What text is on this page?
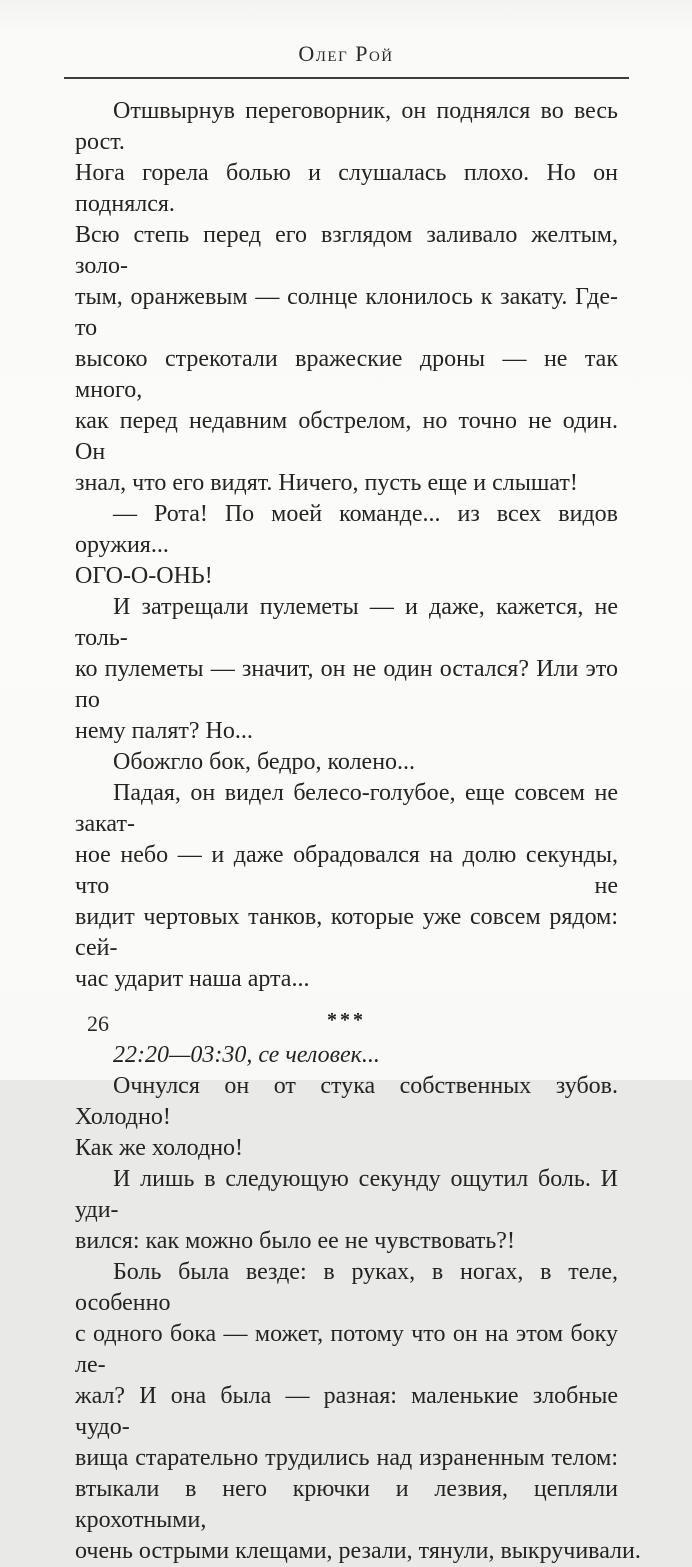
Олег Рой
Отшвырнув переговорник, он поднялся во весь рост.
Нога горела болью и слушалась плохо. Но он поднялся.
Всю степь перед его взглядом заливало желтым, золо-
тым, оранжевым — солнце клонилось к закату. Где-то
высоко стрекотали вражеские дроны — не так много,
как перед недавним обстрелом, но точно не один. Он
знал, что его видят. Ничего, пусть еще и слышат!
— Рота! По моей команде... из всех видов оружия...
ОГО-О-ОНЬ!
И затрещали пулеметы — и даже, кажется, не толь-
ко пулеметы — значит, он не один остался? Или это по
нему палят? Но...
Обожгло бок, бедро, колено...
Падая, он видел белесо-голубое, еще совсем не закат-
ное небо — и даже обрадовался на долю секунды, что не
видит чертовых танков, которые уже совсем рядом: сей-
час ударит наша арта...
***
22:20—03:30, се человек...
Очнулся он от стука собственных зубов. Холодно!
Как же холодно!
И лишь в следующую секунду ощутил боль. И уди-
вился: как можно было ее не чувствовать?!
Боль была везде: в руках, в ногах, в теле, особенно
с одного бока — может, потому что он на этом боку ле-
жал? И она была — разная: маленькие злобные чудо-
вища старательно трудились над израненным телом:
втыкали в него крючки и лезвия, цепляли крохотными,
очень острыми клещами, резали, тянули, выкручивали.
26
